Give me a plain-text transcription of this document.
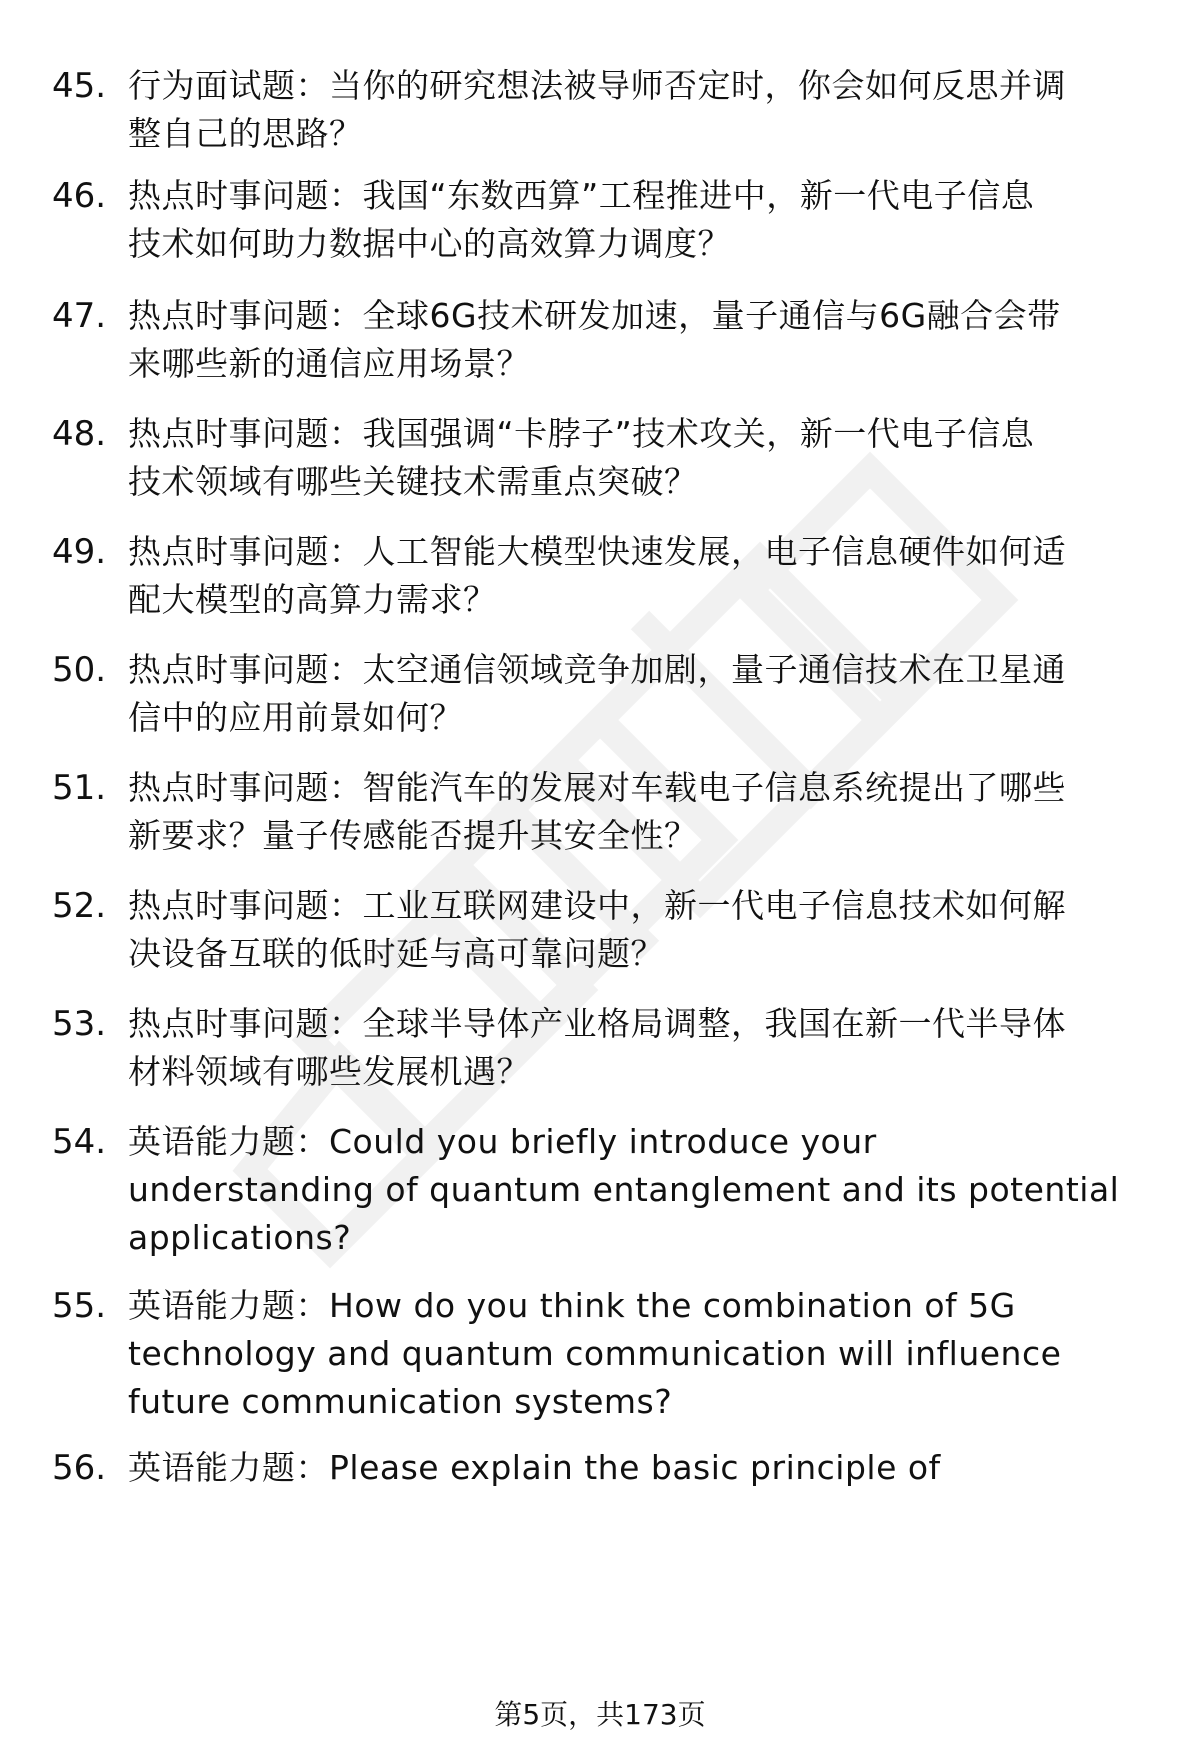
45. 行为面试题：当你的研究想法被导师否定时，你会如何反思并调
整自己的思路？
46. 热点时事问题：我国“东数西算”工程推进中，新一代电子信息
技术如何助力数据中心的高效算力调度？
47. 热点时事问题：全球6G技术研发加速，量子通信与6G融合会带
来哪些新的通信应用场景？
48. 热点时事问题：我国强调“卡脖子”技术攻关，新一代电子信息
技术领域有哪些关键技术需重点突破？
49. 热点时事问题：人工智能大模型快速发展，电子信息硬件如何适
配大模型的高算力需求？
50. 热点时事问题：太空通信领域竞争加剧，量子通信技术在卫星通
信中的应用前景如何？
51. 热点时事问题：智能汽车的发展对车载电子信息系统提出了哪些
新要求？量子传感能否提升其安全性？
52. 热点时事问题：工业互联网建设中，新一代电子信息技术如何解
决设备互联的低时延与高可靠问题？
53. 热点时事问题：全球半导体产业格局调整，我国在新一代半导体
材料领域有哪些发展机遇？
54. 英语能力题：Could you briefly introduce your
understanding of quantum entanglement and its potential
applications?
55. 英语能力题：How do you think the combination of 5G
technology and quantum communication will influence
future communication systems?
56. 英语能力题：Please explain the basic principle of
第5页，共173页
